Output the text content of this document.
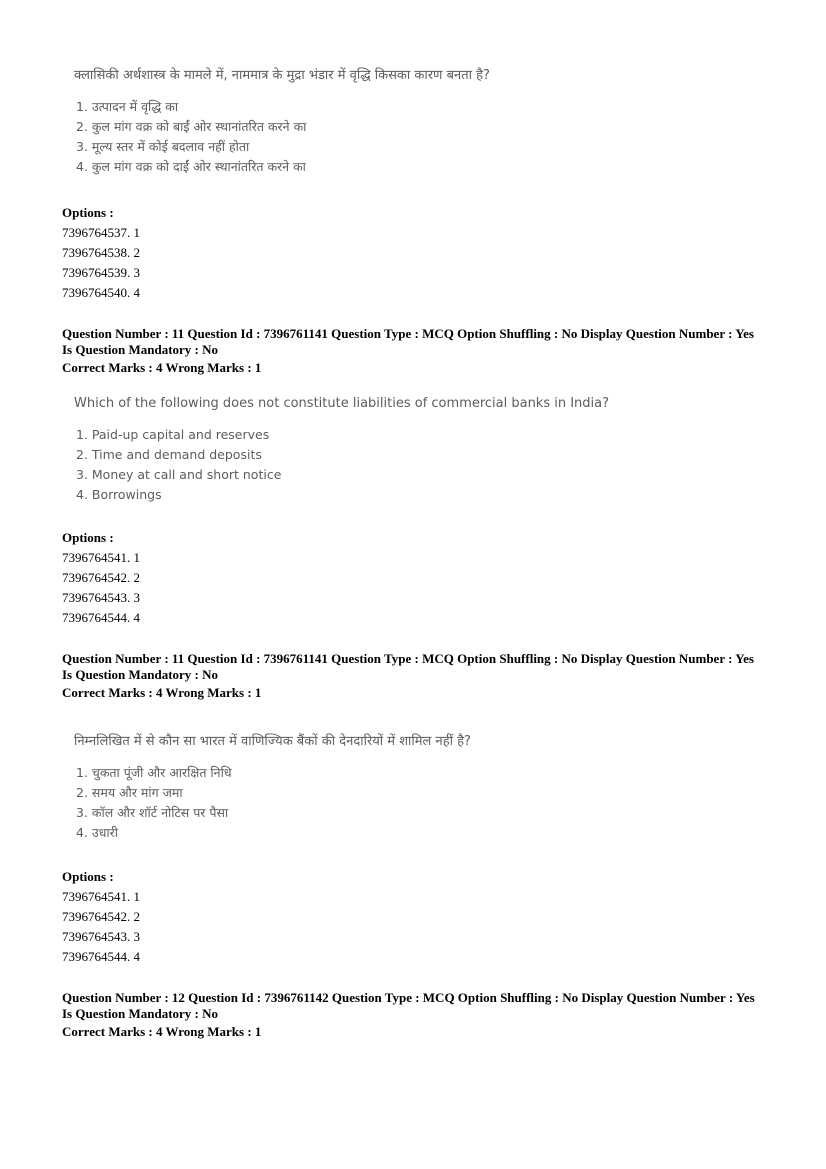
क्लासिकी अर्थशास्त्र के मामले में, नाममात्र के मुद्रा भंडार में वृद्धि किसका कारण बनता है?
1. उत्पादन में वृद्धि का
2. कुल मांग वक्र को बाईं ओर स्थानांतरित करने का
3. मूल्य स्तर में कोई बदलाव नहीं होता
4. कुल मांग वक्र को दाईं ओर स्थानांतरित करने का
Options :
7396764537. 1
7396764538. 2
7396764539. 3
7396764540. 4
Question Number : 11 Question Id : 7396761141 Question Type : MCQ Option Shuffling : No Display Question Number : Yes
Is Question Mandatory : No
Correct Marks : 4 Wrong Marks : 1
Which of the following does not constitute liabilities of commercial banks in India?
1. Paid-up capital and reserves
2. Time and demand deposits
3. Money at call and short notice
4. Borrowings
Options :
7396764541. 1
7396764542. 2
7396764543. 3
7396764544. 4
Question Number : 11 Question Id : 7396761141 Question Type : MCQ Option Shuffling : No Display Question Number : Yes
Is Question Mandatory : No
Correct Marks : 4 Wrong Marks : 1
निम्नलिखित में से कौन सा भारत में वाणिज्यिक बैंकों की देनदारियों में शामिल नहीं है?
1. चुकता पूंजी और आरक्षित निधि
2. समय और मांग जमा
3. कॉल और शॉर्ट नोटिस पर पैसा
4. उधारी
Options :
7396764541. 1
7396764542. 2
7396764543. 3
7396764544. 4
Question Number : 12 Question Id : 7396761142 Question Type : MCQ Option Shuffling : No Display Question Number : Yes
Is Question Mandatory : No
Correct Marks : 4 Wrong Marks : 1
